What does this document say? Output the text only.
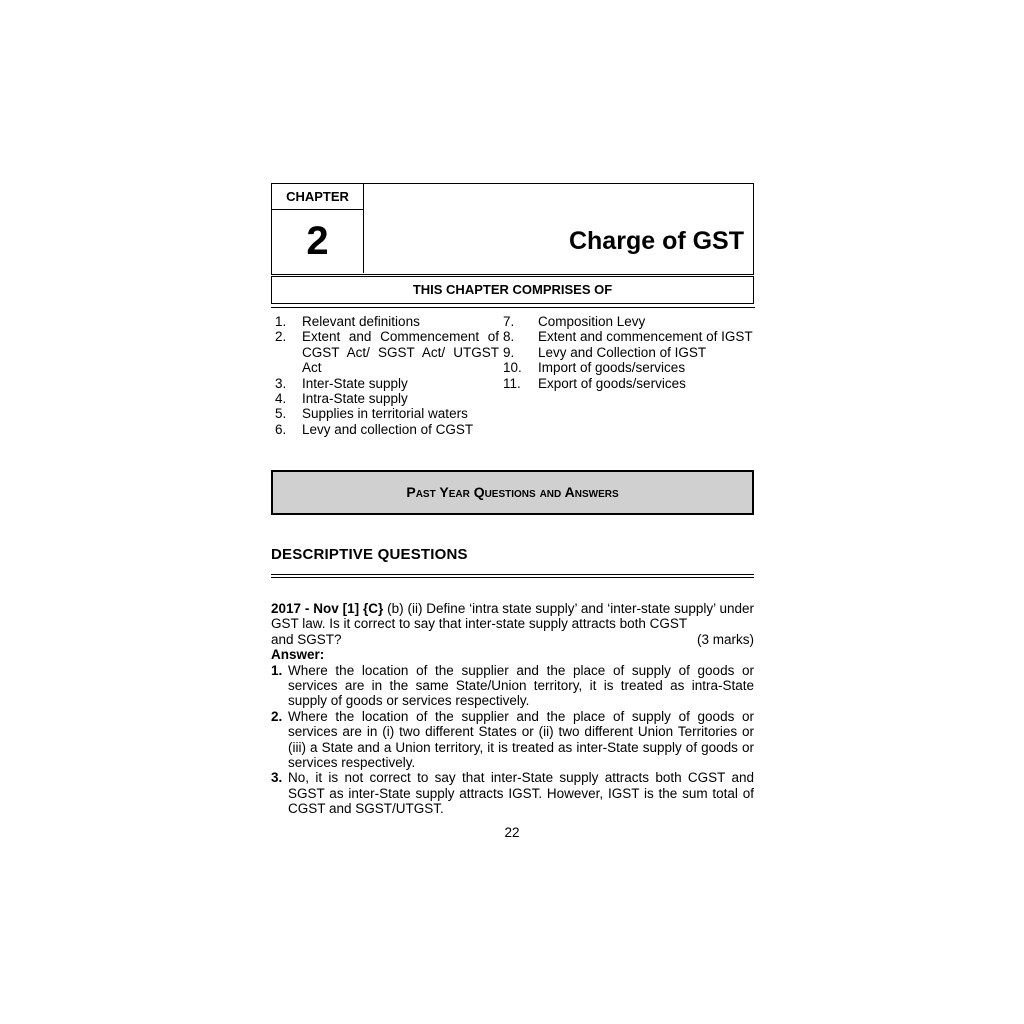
CHAPTER
2	Charge of GST
THIS CHAPTER COMPRISES OF
1.	Relevant definitions
2.	Extent and Commencement of CGST Act/ SGST Act/ UTGST Act
3.	Inter-State supply
4.	Intra-State supply
5.	Supplies in territorial waters
6.	Levy and collection of CGST
7.	Composition Levy
8.	Extent and commencement of IGST
9.	Levy and Collection of IGST
10.	Import of goods/services
11.	Export of goods/services
Past Year Questions and Answers
DESCRIPTIVE QUESTIONS
2017 - Nov [1] {C} (b) (ii) Define ‘intra state supply’ and ‘inter-state supply’ under GST law. Is it correct to say that inter-state supply attracts both CGST
and SGST?	(3 marks)
Answer:
1. Where the location of the supplier and the place of supply of goods or services are in the same State/Union territory, it is treated as intra-State supply of goods or services respectively.
2. Where the location of the supplier and the place of supply of goods or services are in (i) two different States or (ii) two different Union Territories or (iii) a State and a Union territory, it is treated as inter-State supply of goods or services respectively.
3. No, it is not correct to say that inter-State supply attracts both CGST and SGST as inter-State supply attracts IGST. However, IGST is the sum total of CGST and SGST/UTGST.
22
